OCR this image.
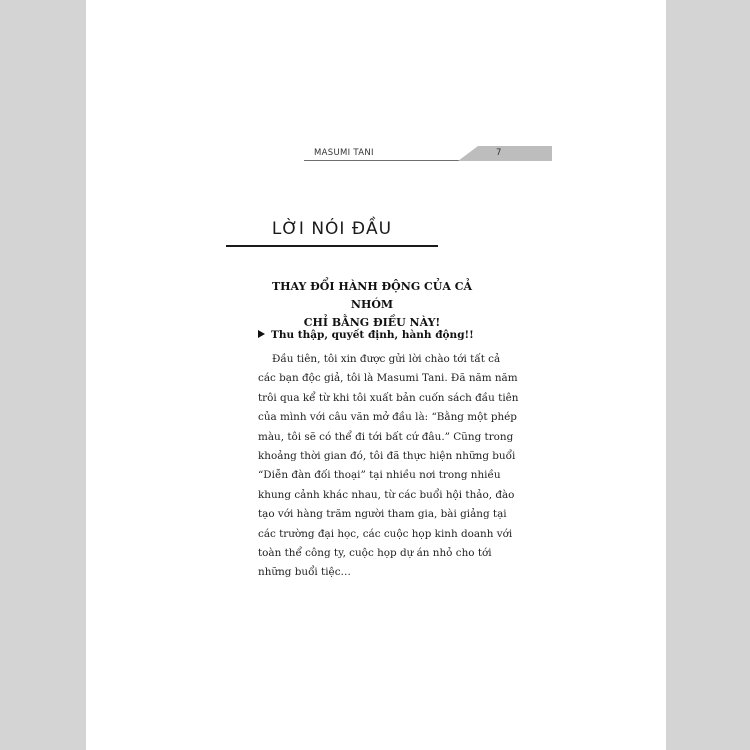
MASUMI TANI	7
LỜI NÓI ĐẦU
THAY ĐỔI HÀNH ĐỘNG CỦA CẢ NHÓM
CHỈ BẰNG ĐIỀU NÀY!
Thu thập, quyết định, hành động!!
Đầu tiên, tôi xin được gửi lời chào tới tất cả
các bạn độc giả, tôi là Masumi Tani. Đã năm năm
trôi qua kể từ khi tôi xuất bản cuốn sách đầu tiên
của mình với câu văn mở đầu là: “Bằng một phép
màu, tôi sẽ có thể đi tới bất cứ đâu.” Cũng trong
khoảng thời gian đó, tôi đã thực hiện những buổi
“Diễn đàn đối thoại” tại nhiều nơi trong nhiều
khung cảnh khác nhau, từ các buổi hội thảo, đào
tạo với hàng trăm người tham gia, bài giảng tại
các trường đại học, các cuộc họp kinh doanh với
toàn thể công ty, cuộc họp dự án nhỏ cho tới
những buổi tiệc…
